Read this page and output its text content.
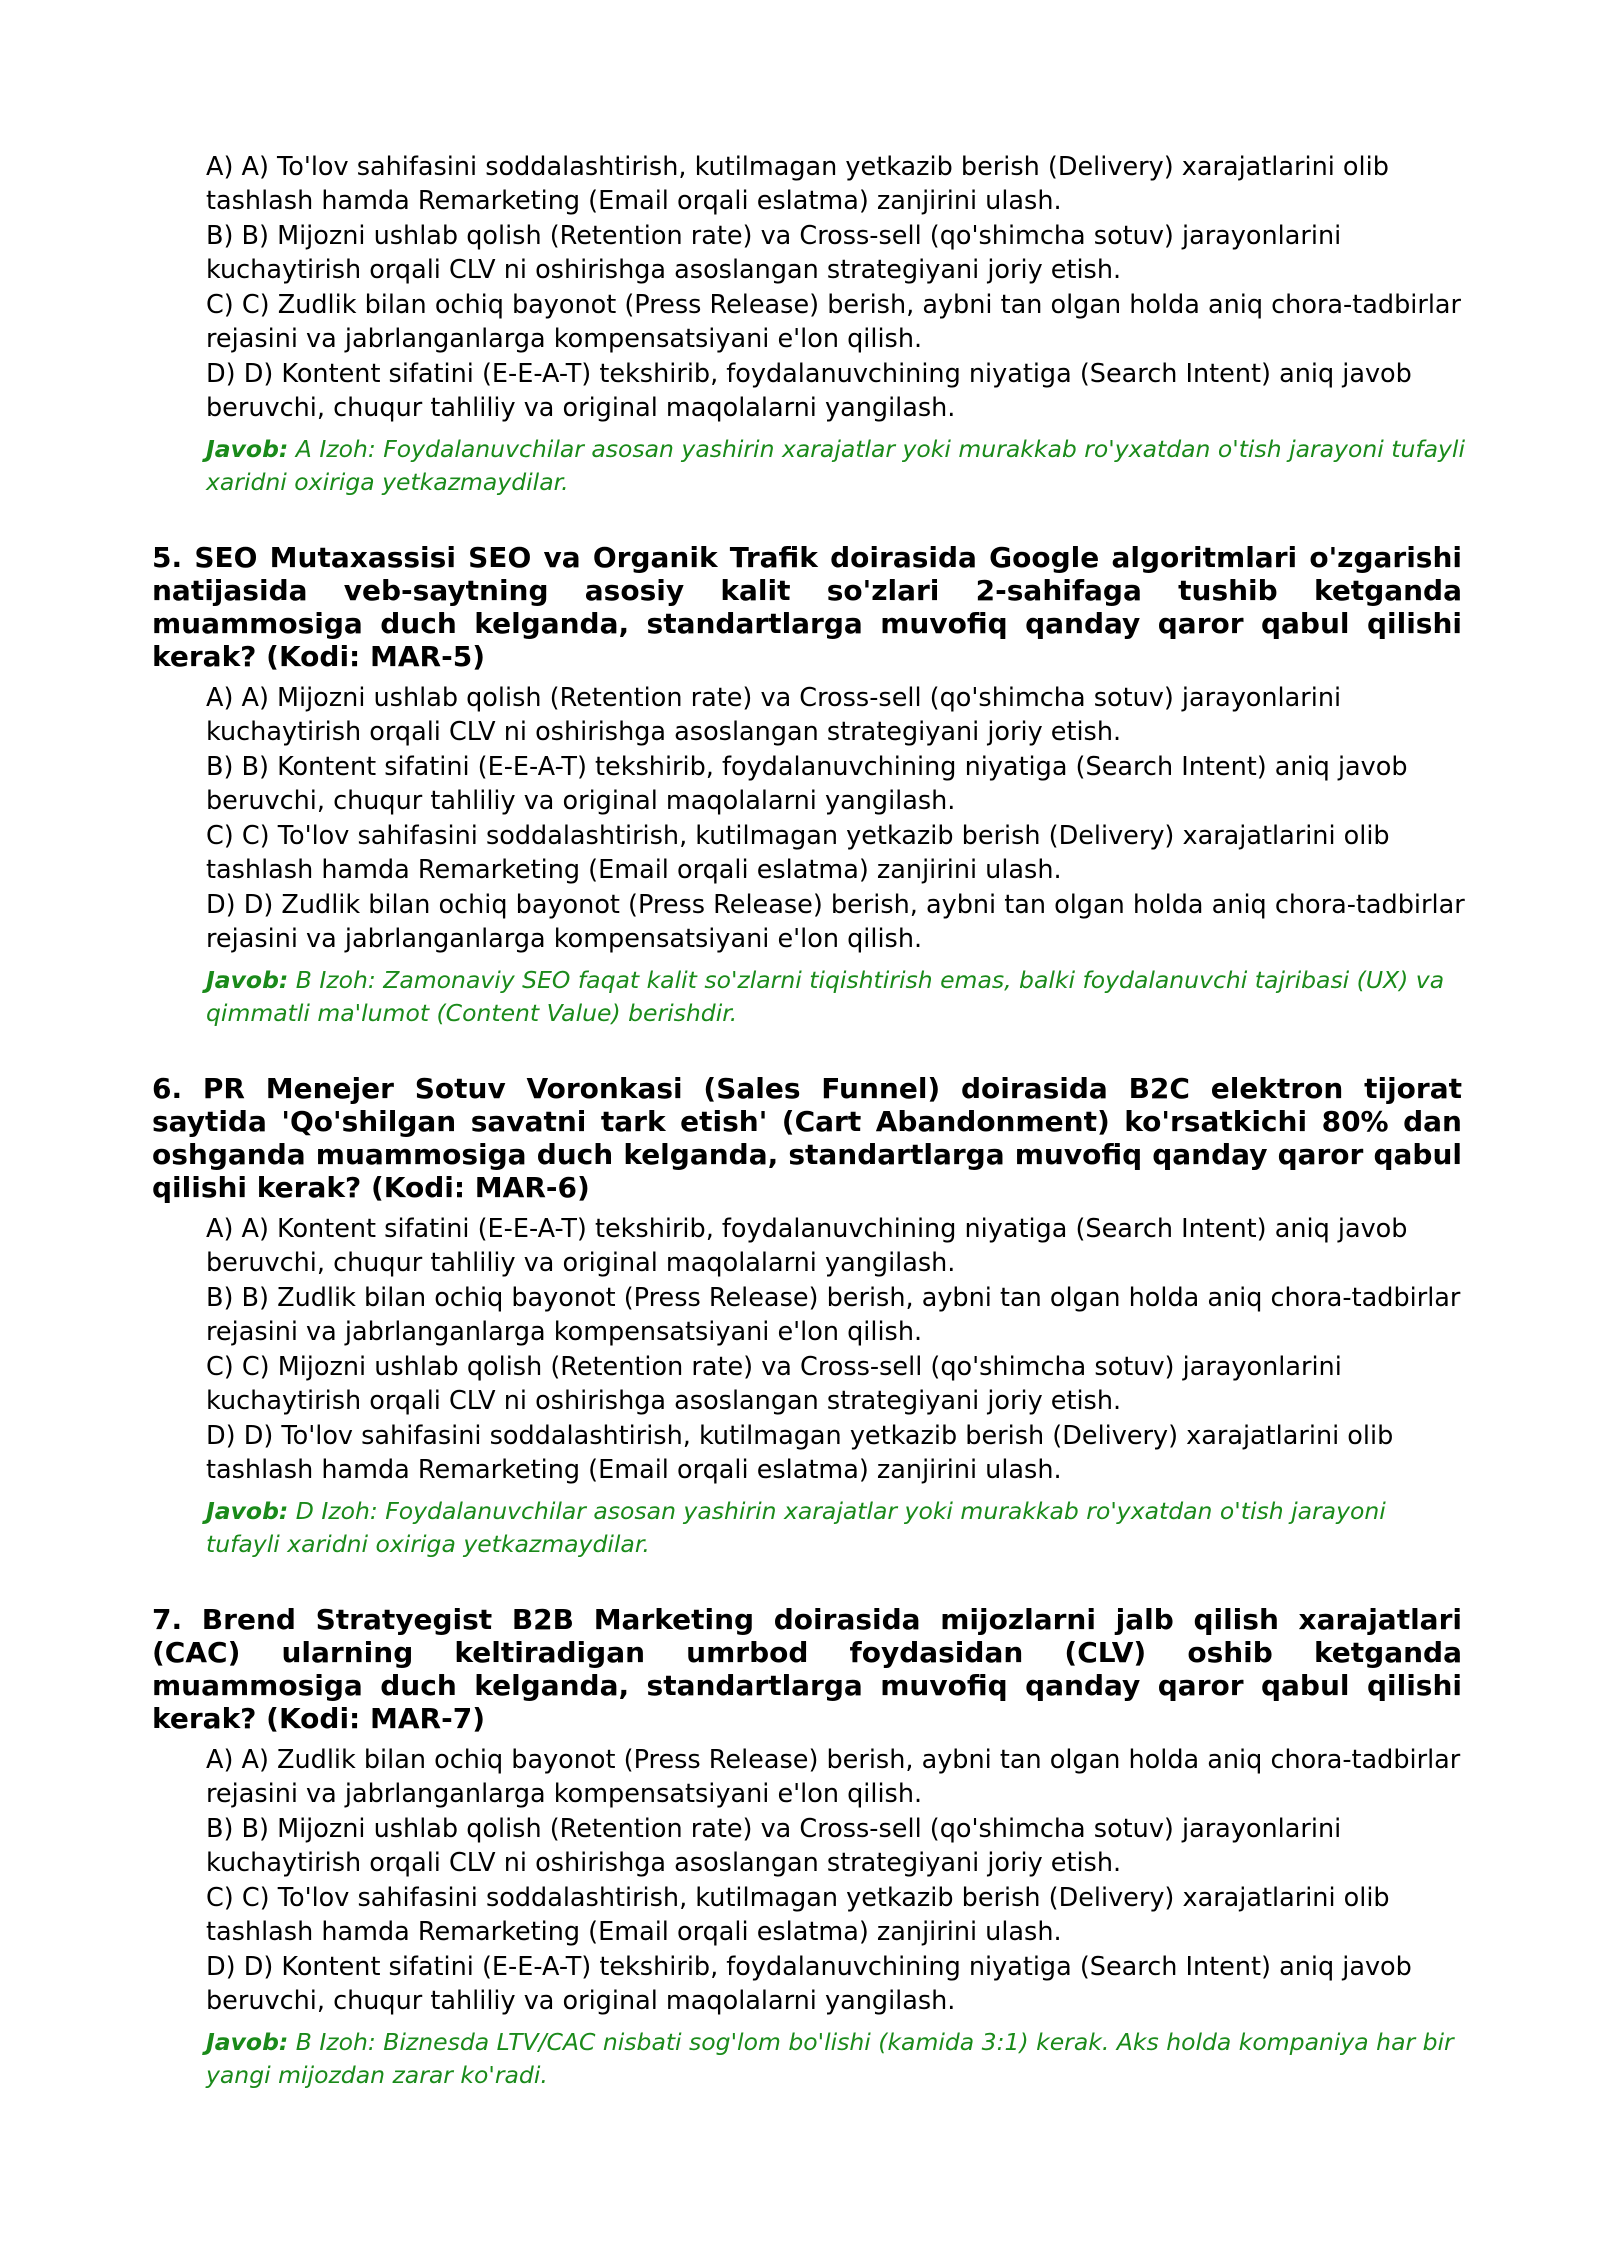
A) A) To'lov sahifasini soddalashtirish, kutilmagan yetkazib berish (Delivery) xarajatlarini olib tashlash hamda Remarketing (Email orqali eslatma) zanjirini ulash.
B) B) Mijozni ushlab qolish (Retention rate) va Cross-sell (qo'shimcha sotuv) jarayonlarini kuchaytirish orqali CLV ni oshirishga asoslangan strategiyani joriy etish.
C) C) Zudlik bilan ochiq bayonot (Press Release) berish, aybni tan olgan holda aniq chora-tadbirlar rejasini va jabrlanganlarga kompensatsiyani e'lon qilish.
D) D) Kontent sifatini (E-E-A-T) tekshirib, foydalanuvchining niyatiga (Search Intent) aniq javob beruvchi, chuqur tahliliy va original maqolalarni yangilash.
Javob: A Izoh: Foydalanuvchilar asosan yashirin xarajatlar yoki murakkab ro'yxatdan o'tish jarayoni tufayli xaridni oxiriga yetkazmaydilar.
5. SEO Mutaxassisi SEO va Organik Trafik doirasida Google algoritmlari o'zgarishi natijasida veb-saytning asosiy kalit so'zlari 2-sahifaga tushib ketganda muammosiga duch kelganda, standartlarga muvofiq qanday qaror qabul qilishi kerak? (Kodi: MAR-5)
A) A) Mijozni ushlab qolish (Retention rate) va Cross-sell (qo'shimcha sotuv) jarayonlarini kuchaytirish orqali CLV ni oshirishga asoslangan strategiyani joriy etish.
B) B) Kontent sifatini (E-E-A-T) tekshirib, foydalanuvchining niyatiga (Search Intent) aniq javob beruvchi, chuqur tahliliy va original maqolalarni yangilash.
C) C) To'lov sahifasini soddalashtirish, kutilmagan yetkazib berish (Delivery) xarajatlarini olib tashlash hamda Remarketing (Email orqali eslatma) zanjirini ulash.
D) D) Zudlik bilan ochiq bayonot (Press Release) berish, aybni tan olgan holda aniq chora-tadbirlar rejasini va jabrlanganlarga kompensatsiyani e'lon qilish.
Javob: B Izoh: Zamonaviy SEO faqat kalit so'zlarni tiqishtirish emas, balki foydalanuvchi tajribasi (UX) va qimmatli ma'lumot (Content Value) berishdir.
6. PR Menejer Sotuv Voronkasi (Sales Funnel) doirasida B2C elektron tijorat saytida 'Qo'shilgan savatni tark etish' (Cart Abandonment) ko'rsatkichi 80% dan oshganda muammosiga duch kelganda, standartlarga muvofiq qanday qaror qabul qilishi kerak? (Kodi: MAR-6)
A) A) Kontent sifatini (E-E-A-T) tekshirib, foydalanuvchining niyatiga (Search Intent) aniq javob beruvchi, chuqur tahliliy va original maqolalarni yangilash.
B) B) Zudlik bilan ochiq bayonot (Press Release) berish, aybni tan olgan holda aniq chora-tadbirlar rejasini va jabrlanganlarga kompensatsiyani e'lon qilish.
C) C) Mijozni ushlab qolish (Retention rate) va Cross-sell (qo'shimcha sotuv) jarayonlarini kuchaytirish orqali CLV ni oshirishga asoslangan strategiyani joriy etish.
D) D) To'lov sahifasini soddalashtirish, kutilmagan yetkazib berish (Delivery) xarajatlarini olib tashlash hamda Remarketing (Email orqali eslatma) zanjirini ulash.
Javob: D Izoh: Foydalanuvchilar asosan yashirin xarajatlar yoki murakkab ro'yxatdan o'tish jarayoni tufayli xaridni oxiriga yetkazmaydilar.
7. Brend Stratyegist B2B Marketing doirasida mijozlarni jalb qilish xarajatlari (CAC) ularning keltiradigan umrbod foydasidan (CLV) oshib ketganda muammosiga duch kelganda, standartlarga muvofiq qanday qaror qabul qilishi kerak? (Kodi: MAR-7)
A) A) Zudlik bilan ochiq bayonot (Press Release) berish, aybni tan olgan holda aniq chora-tadbirlar rejasini va jabrlanganlarga kompensatsiyani e'lon qilish.
B) B) Mijozni ushlab qolish (Retention rate) va Cross-sell (qo'shimcha sotuv) jarayonlarini kuchaytirish orqali CLV ni oshirishga asoslangan strategiyani joriy etish.
C) C) To'lov sahifasini soddalashtirish, kutilmagan yetkazib berish (Delivery) xarajatlarini olib tashlash hamda Remarketing (Email orqali eslatma) zanjirini ulash.
D) D) Kontent sifatini (E-E-A-T) tekshirib, foydalanuvchining niyatiga (Search Intent) aniq javob beruvchi, chuqur tahliliy va original maqolalarni yangilash.
Javob: B Izoh: Biznesda LTV/CAC nisbati sog'lom bo'lishi (kamida 3:1) kerak. Aks holda kompaniya har bir yangi mijozdan zarar ko'radi.
